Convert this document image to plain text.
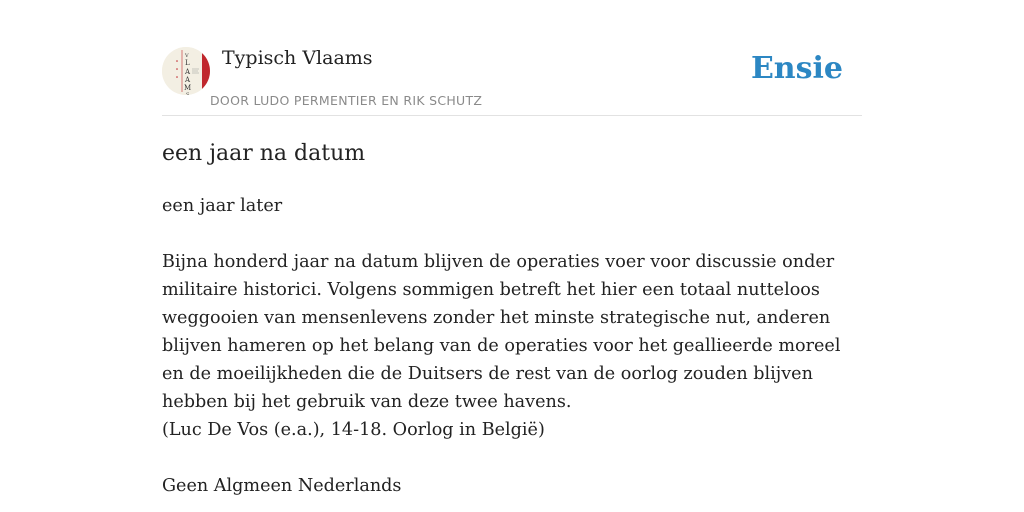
V
L
A
A
M
S
Typisch Vlaams
DOOR LUDO PERMENTIER EN RIK SCHUTZ
Ensie
een jaar na datum
een jaar later
Bijna honderd jaar na datum blijven de operaties voer voor discussie onder militaire historici. Volgens sommigen betreft het hier een totaal nutteloos weggooien van mensenlevens zonder het minste strategische nut, anderen blijven hameren op het belang van de operaties voor het geallieerde moreel en de moeilijkheden die de Duitsers de rest van de oorlog zouden blijven hebben bij het gebruik van deze twee havens.
(Luc De Vos (e.a.), 14-18. Oorlog in België)
Geen Algmeen Nederlands
